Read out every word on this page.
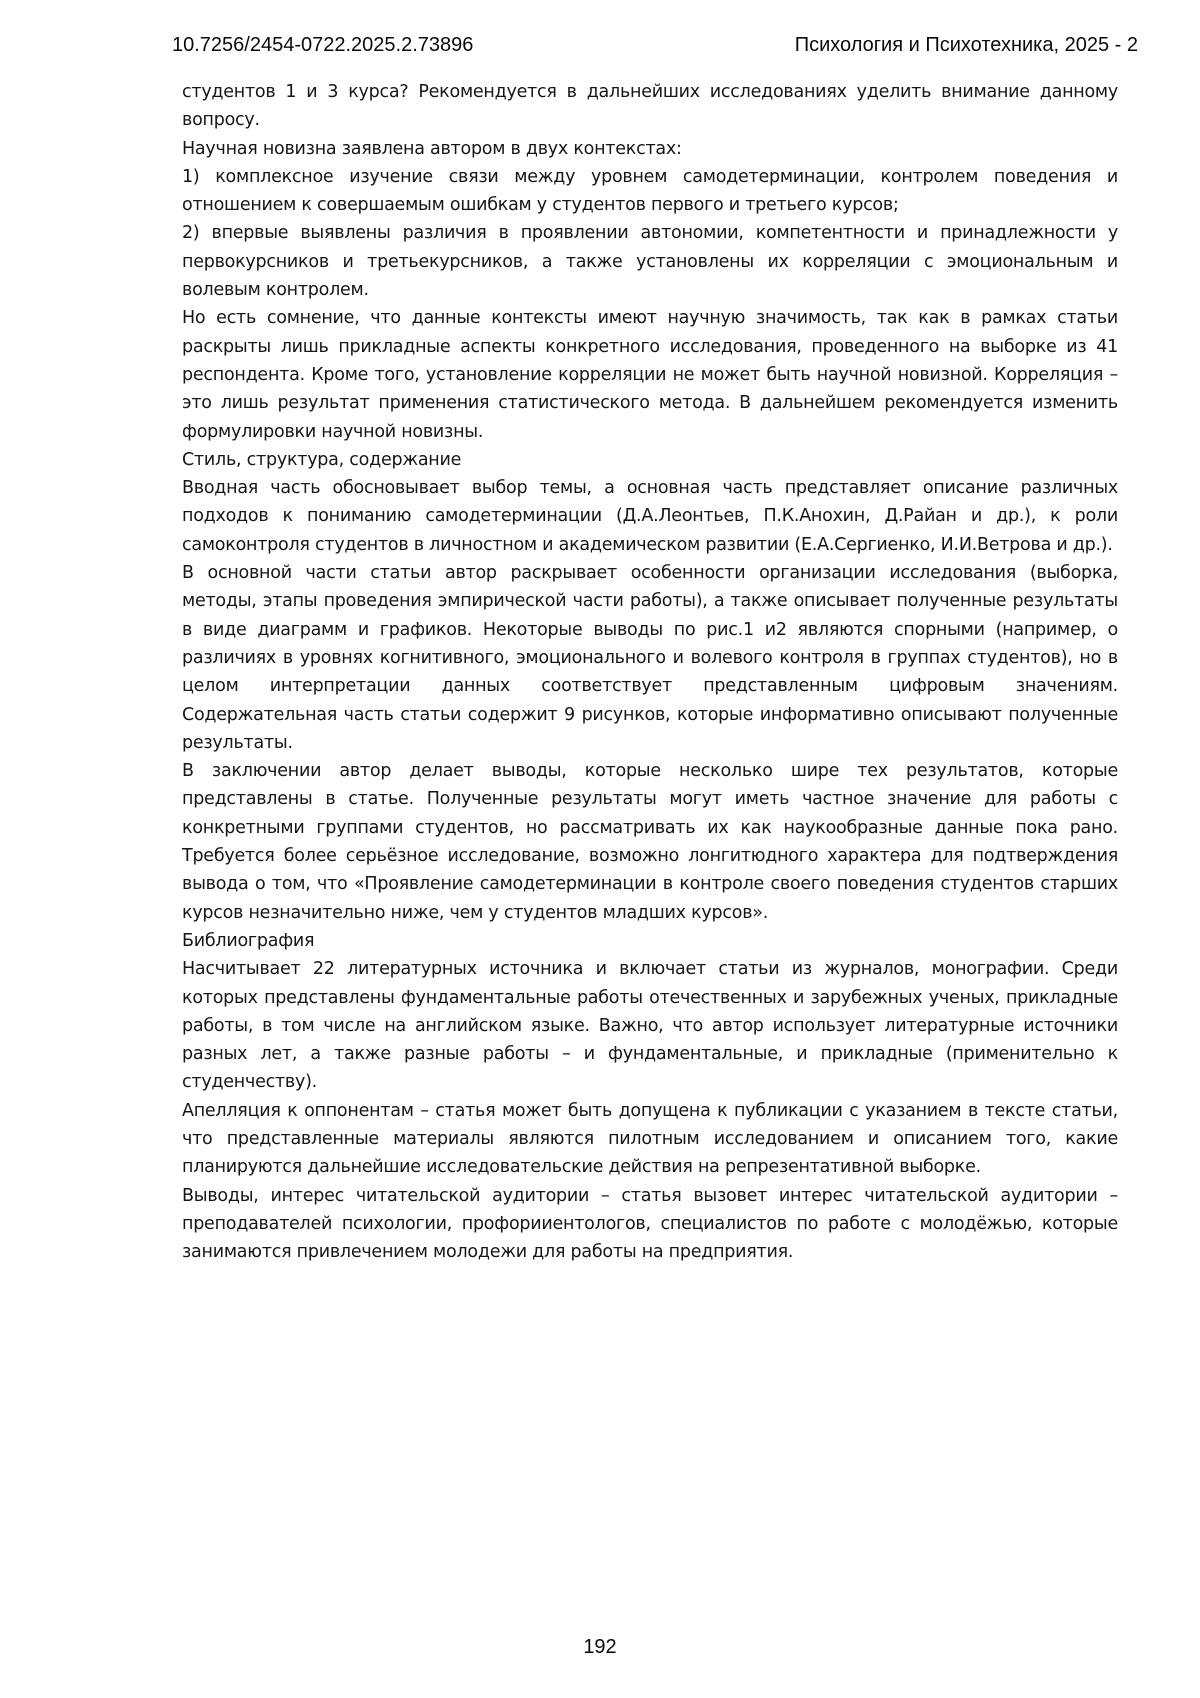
10.7256/2454-0722.2025.2.73896	Психология и Психотехника, 2025 - 2

студентов 1 и 3 курса? Рекомендуется в дальнейших исследованиях уделить внимание данному вопросу.

Научная новизна заявлена автором в двух контекстах:

1) комплексное изучение связи между уровнем самодетерминации, контролем поведения и отношением к совершаемым ошибкам у студентов первого и третьего курсов;

2) впервые выявлены различия в проявлении автономии, компетентности и принадлежности у первокурсников и третьекурсников, а также установлены их корреляции с эмоциональным и волевым контролем.

Но есть сомнение, что данные контексты имеют научную значимость, так как в рамках статьи раскрыты лишь прикладные аспекты конкретного исследования, проведенного на выборке из 41 респондента. Кроме того, установление корреляции не может быть научной новизной. Корреляция – это лишь результат применения статистического метода. В дальнейшем рекомендуется изменить формулировки научной новизны.

Стиль, структура, содержание

Вводная часть обосновывает выбор темы, а основная часть представляет описание различных подходов к пониманию самодетерминации (Д.А.Леонтьев, П.К.Анохин, Д.Райан и др.), к роли самоконтроля студентов в личностном и академическом развитии (Е.А.Сергиенко, И.И.Ветрова и др.).

В основной части статьи автор раскрывает особенности организации исследования (выборка, методы, этапы проведения эмпирической части работы), а также описывает полученные результаты в виде диаграмм и графиков. Некоторые выводы по рис.1 и2 являются спорными (например, о различиях в уровнях когнитивного, эмоционального и волевого контроля в группах студентов), но в целом интерпретации данных соответствует представленным цифровым значениям. Содержательная часть статьи содержит 9 рисунков, которые информативно описывают полученные результаты.

В заключении автор делает выводы, которые несколько шире тех результатов, которые представлены в статье. Полученные результаты могут иметь частное значение для работы с конкретными группами студентов, но рассматривать их как наукообразные данные пока рано. Требуется более серьёзное исследование, возможно лонгитюдного характера для подтверждения вывода о том, что «Проявление самодетерминации в контроле своего поведения студентов старших курсов незначительно ниже, чем у студентов младших курсов».

Библиография

Насчитывает 22 литературных источника и включает статьи из журналов, монографии. Среди которых представлены фундаментальные работы отечественных и зарубежных ученых, прикладные работы, в том числе на английском языке. Важно, что автор использует литературные источники разных лет, а также разные работы – и фундаментальные, и прикладные (применительно к студенчеству).

Апелляция к оппонентам – статья может быть допущена к публикации с указанием в тексте статьи, что представленные материалы являются пилотным исследованием и описанием того, какие планируются дальнейшие исследовательские действия на репрезентативной выборке.

Выводы, интерес читательской аудитории – статья вызовет интерес читательской аудитории – преподавателей психологии, профорииентологов, специалистов по работе с молодёжью, которые занимаются привлечением молодежи для работы на предприятия.

192
